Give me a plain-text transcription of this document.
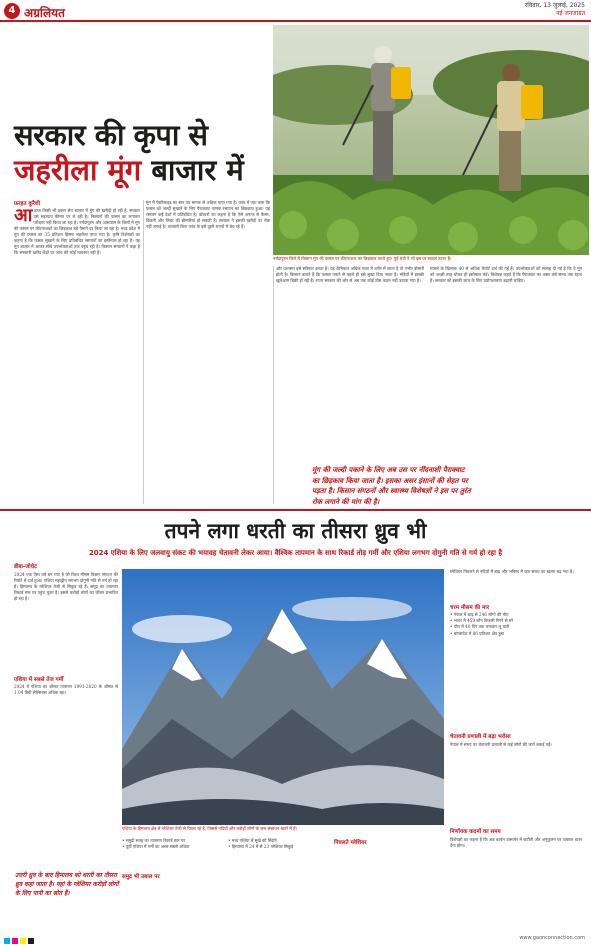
4 अग्रलियत
रविवार, 13 जुलाई, 2025
नई जनजाग्रत
नर्मदापुरम जिले में किसान मूंग की फसल पर कीटनाशक का छिड़काव करते हुए। पूर्व मंत्री ने भी इस पर सवाल उठाए हैं।
सरकार की कृपा से
जहरीला मूंग बाजार में
फ़रहत कुरैशी
आआज किसी भी प्रकार सेत बाजार में मूंग की खरीदी हो रही है, सरकार उसे सहायता कीमत पर ले रही है। किसानों की फसल का लगातार परीक्षण नहीं किया जा रहा है। नर्मदापुरम और आसपास के जिलों में मूंग की फसल पर कीटनाशकों का छिड़काव बड़े पैमाने पर किया जा रहा है। मध्य प्रदेश में मूंग की फसल का 35 प्रतिशत हिस्सा जहरीला पाया गया है। कृषि विशेषज्ञों का कहना है कि फसल सुखाने के लिए प्रतिबंधित रसायनों का इस्तेमाल हो रहा है। यह मूंग बाजार में आकर सीधे उपभोक्ताओं तक पहुंच रही है। किसान संगठनों ने कहा है कि सरकारी खरीद केंद्रों पर जांच की कोई व्यवस्था नहीं है।
मूंग में पेस्टीसाइड का स्तर तय मानक से अधिक पाया गया है। जांच में पता चला कि फसल को जल्दी सुखाने के लिए पैराक्वाट नामक रसायन का छिड़काव हुआ। यह रसायन कई देशों में प्रतिबंधित है। डॉक्टरों का कहना है कि ऐसे अनाज से कैंसर, किडनी और लिवर की बीमारियां हो सकती हैं। सरकार ने इसकी खरीदी पर रोक नहीं लगाई है। व्यापारी बिना जांच के इसे दूसरे राज्यों में बेच रहे हैं।
और प्रशासन इसे स्वीकार करता है। यह केमिकल अधिक मात्रा में शरीर में जाता है तो गंभीर बीमारी होती है। किसान बताते हैं कि फसल पकने से पहले ही इसे सुखा दिया जाता है। मंडियों में इसकी खुलेआम बिक्री हो रही है। राज्य सरकार की ओर से अब तक कोई ठोस कदम नहीं उठाया गया है।
मामले के खिलाफ 40 से अधिक रिपोर्ट दर्ज की गई हैं। उपभोक्ताओं को सलाह दी गई है कि वे मूंग को अच्छी तरह धोकर ही इस्तेमाल करें। विशेषज्ञ कहते हैं कि पैराक्वाट का असर लंबे समय तक रहता है। सरकार को इसकी जांच के लिए प्रयोगशालाएं बढ़ानी चाहिए।
मूंग की जल्दी पकाने के लिए अब उस पर नींदनाशी पैराक्वाट का छिड़काव किया जाता है। इसका असर इंसानों की सेहत पर पड़ता है। किसान संगठनों और स्वास्थ्य विशेषज्ञों ने इस पर तुरंत रोक लगाने की मांग की है।
तपने लगा धरती का तीसरा ध्रुव भी
2024 एशिया के लिए जलवायु संकट की भयावह चेतावनी लेकर आया। वैश्विक तापमान के साथ रिकार्ड तोड़ गर्मी और एशिया लगभग दोगुनी गति से गर्म हो रहा है
डीबा-जोधेट
2024 एक ऐसा वर्ष बन गया है जो विश्व मौसम विज्ञान संगठन की रिपोर्ट में दर्ज हुआ। एशिया महाद्वीप लगभग दोगुनी गति से गर्म हो रहा है। हिमालय के ग्लेशियर तेजी से सिकुड़ रहे हैं। समुद्र का तापमान रिकार्ड स्तर पर पहुंच चुका है। इससे करोड़ों लोगों का जीवन प्रभावित हो रहा है।
एशिया में सबसे तेज गर्मी
2024 में एशिया का औसत तापमान 1991-2020 के औसत से 1.04 डिग्री सेल्सियस अधिक रहा।
एशिया के हिमालय क्षेत्र में ग्लेशियर तेजी से पिघल रहे हैं, जिससे नदियों और करोड़ों लोगों के जल संसाधन खतरे में हैं।
ग्लेशियर पिघलने से नदियों में बाढ़ और भविष्य में जल संकट का खतरा बढ़ गया है।
चरम मौसम की मार
• नेपाल में बाढ़ से 246 लोगों की मौत
• भारत में 459 लोग बिजली गिरने से मरे
• चीन में 40 दिन तक लगातार लू चली
• बांग्लादेश में 86 प्रतिशत क्षेत्र डूबा
चेतावनी प्रणाली में बढ़ा भरोसा
नेपाल में समय पर चेतावनी प्रणाली से कई लोगों की जानें बचाई गईं।
निर्णायक कदमों का समय
विशेषज्ञों का कहना है कि अब कार्बन उत्सर्जन में कटौती और अनुकूलन पर तत्काल ध्यान देना होगा।
• समुद्री सतह का तापमान रिकार्ड स्तर पर
• पूर्वी एशिया में गर्मी का असर सबसे अधिक
समुद्र भी उबाल पर
• मध्य एशिया में सूखे की स्थिति
• हिमालय में 24 में से 23 ग्लेशियर सिकुड़े
पिघलते ग्लेशियर
उत्तरी ध्रुव के बाद हिमालय को धरती का तीसरा ध्रुव कहा जाता है। यहां के ग्लेशियर करोड़ों लोगों के लिए पानी का स्रोत हैं।
www.gaonconnection.com
